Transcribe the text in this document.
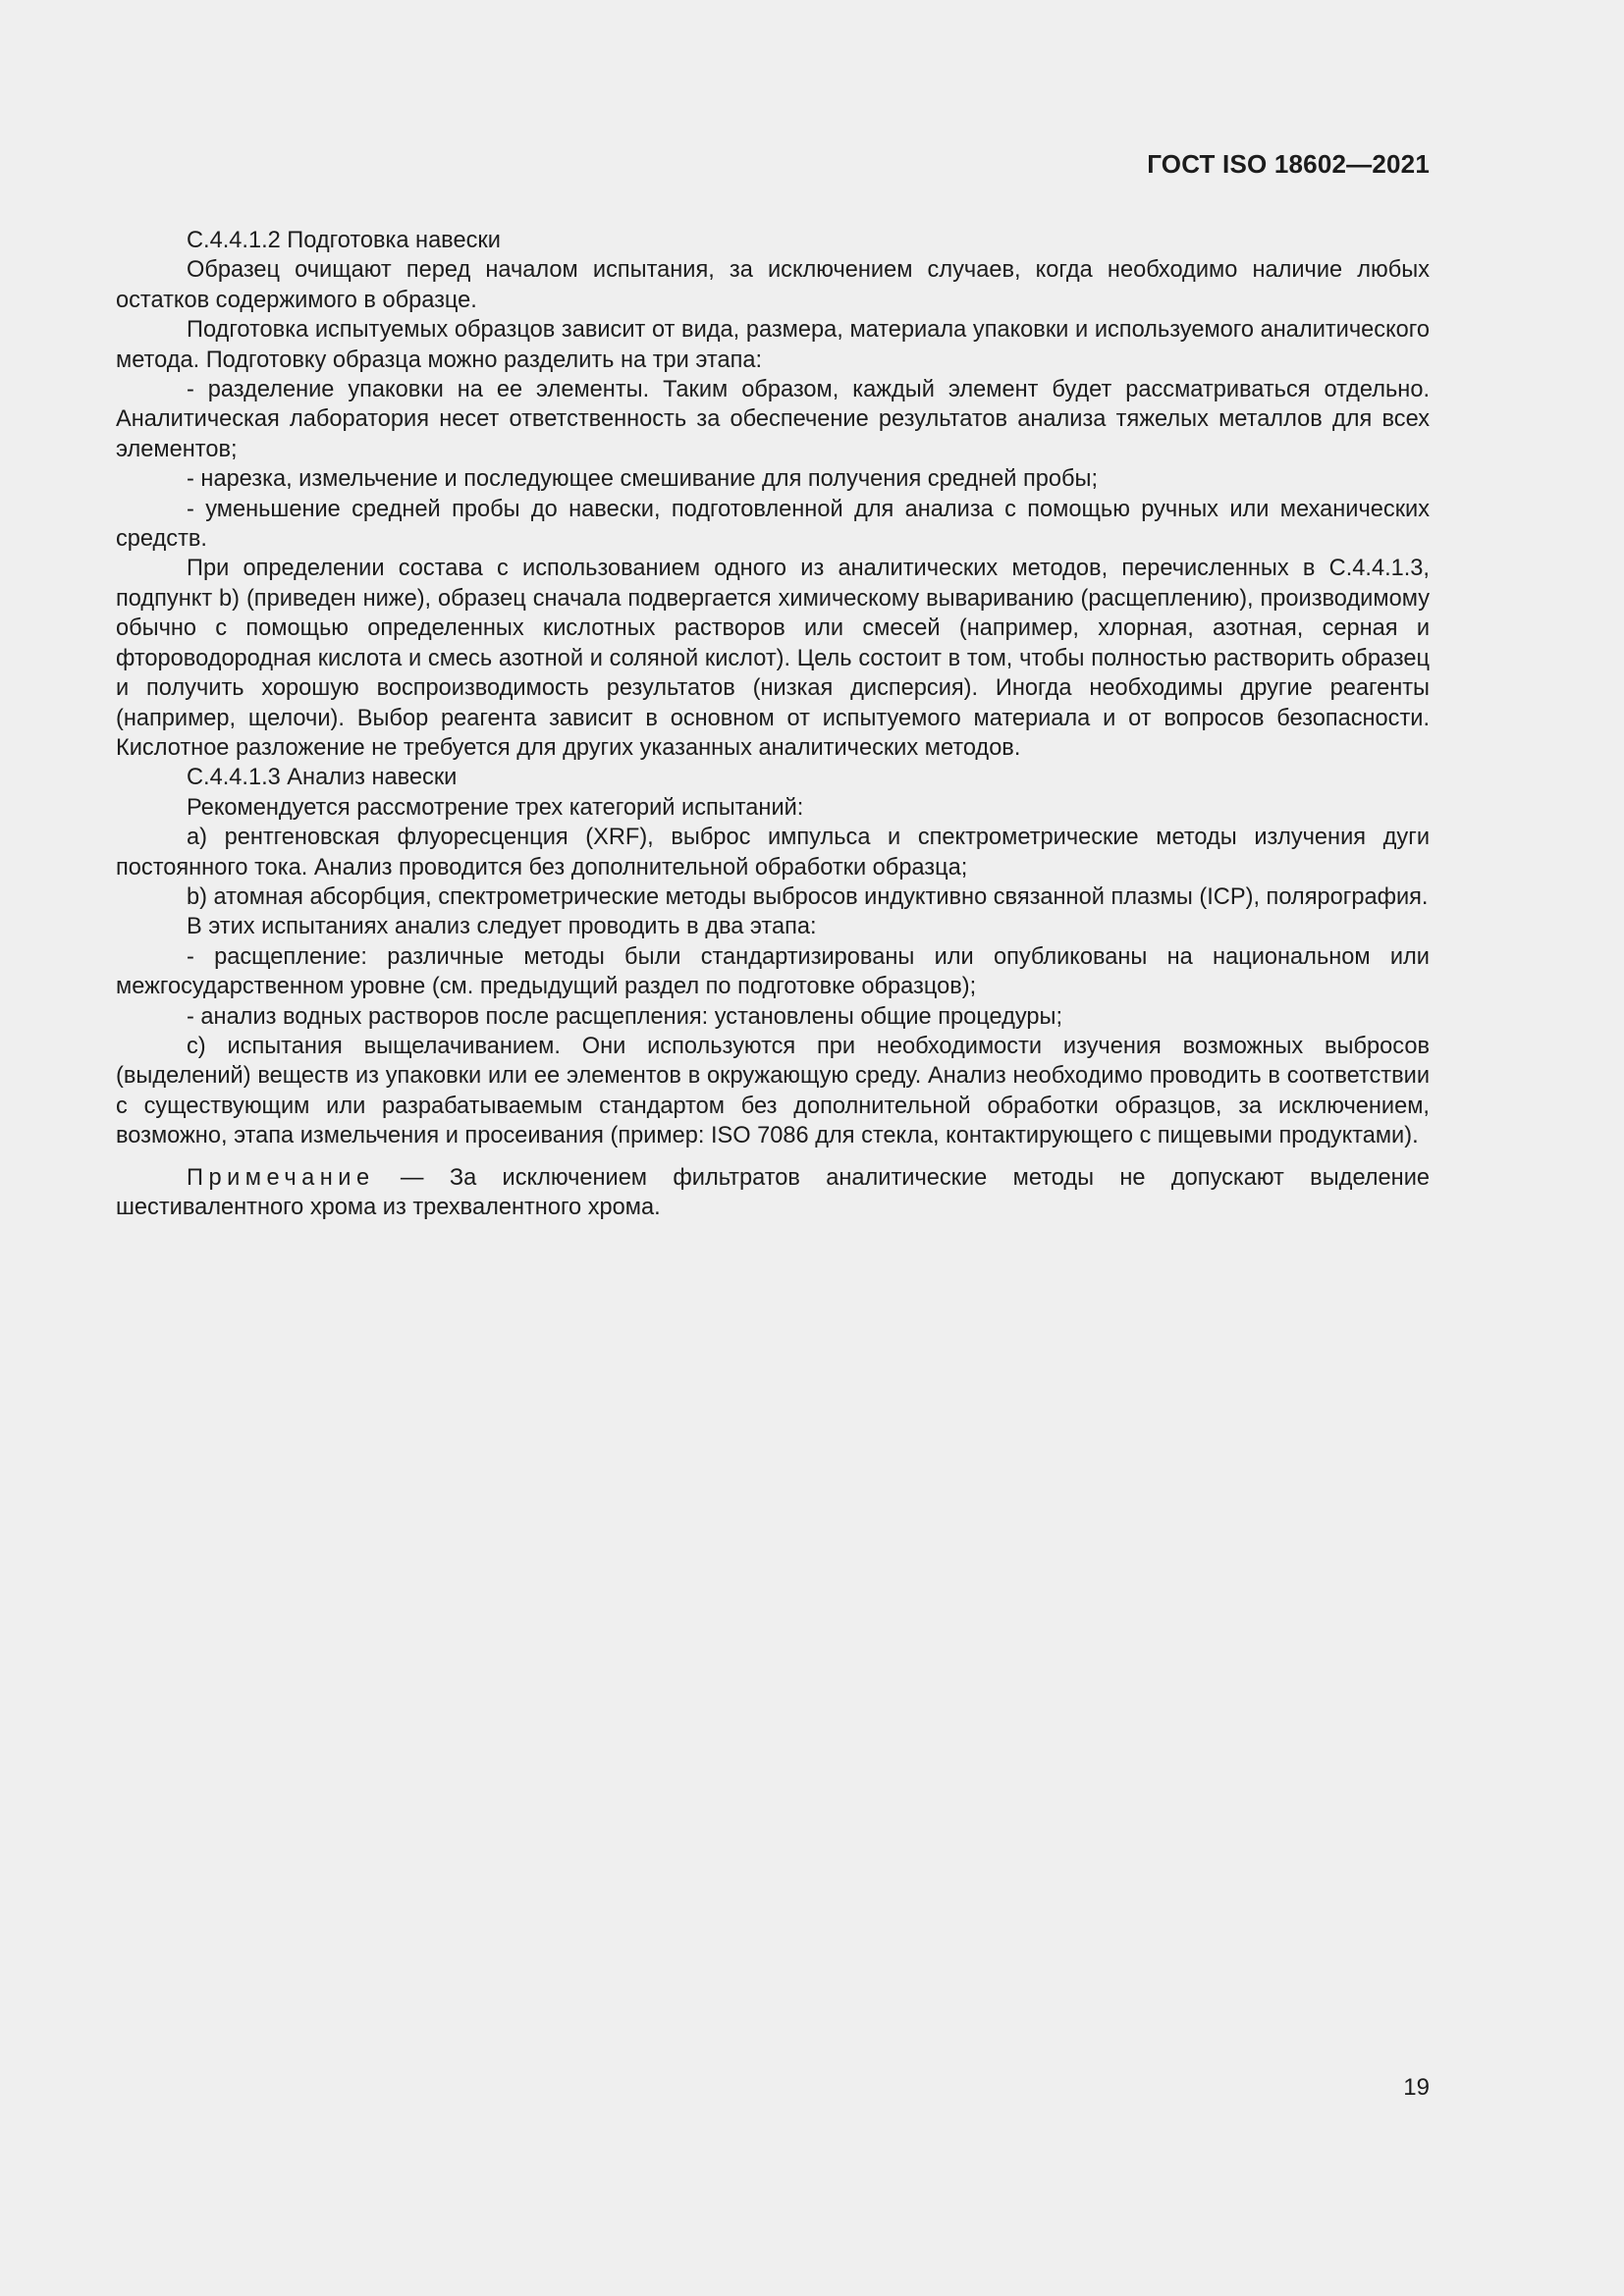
ГОСТ ISO 18602—2021

С.4.4.1.2 Подготовка навески

Образец очищают перед началом испытания, за исключением случаев, когда необходимо наличие любых остатков содержимого в образце.

Подготовка испытуемых образцов зависит от вида, размера, материала упаковки и используемого аналитического метода. Подготовку образца можно разделить на три этапа:

- разделение упаковки на ее элементы. Таким образом, каждый элемент будет рассматриваться отдельно. Аналитическая лаборатория несет ответственность за обеспечение результатов анализа тяжелых металлов для всех элементов;

- нарезка, измельчение и последующее смешивание для получения средней пробы;

- уменьшение средней пробы до навески, подготовленной для анализа с помощью ручных или механических средств.

При определении состава с использованием одного из аналитических методов, перечисленных в С.4.4.1.3, подпункт b) (приведен ниже), образец сначала подвергается химическому вывариванию (расщеплению), производимому обычно с помощью определенных кислотных растворов или смесей (например, хлорная, азотная, серная и фтороводородная кислота и смесь азотной и соляной кислот). Цель состоит в том, чтобы полностью растворить образец и получить хорошую воспроизводимость результатов (низкая дисперсия). Иногда необходимы другие реагенты (например, щелочи). Выбор реагента зависит в основном от испытуемого материала и от вопросов безопасности. Кислотное разложение не требуется для других указанных аналитических методов.

С.4.4.1.3 Анализ навески

Рекомендуется рассмотрение трех категорий испытаний:

a) рентгеновская флуоресценция (XRF), выброс импульса и спектрометрические методы излучения дуги постоянного тока. Анализ проводится без дополнительной обработки образца;

b) атомная абсорбция, спектрометрические методы выбросов индуктивно связанной плазмы (ICP), полярография.

В этих испытаниях анализ следует проводить в два этапа:

- расщепление: различные методы были стандартизированы или опубликованы на национальном или межгосударственном уровне (см. предыдущий раздел по подготовке образцов);

- анализ водных растворов после расщепления: установлены общие процедуры;

c) испытания выщелачиванием. Они используются при необходимости изучения возможных выбросов (выделений) веществ из упаковки или ее элементов в окружающую среду. Анализ необходимо проводить в соответствии с существующим или разрабатываемым стандартом без дополнительной обработки образцов, за исключением, возможно, этапа измельчения и просеивания (пример: ISO 7086 для стекла, контактирующего с пищевыми продуктами).

Примечание — За исключением фильтратов аналитические методы не допускают выделение шестивалентного хрома из трехвалентного хрома.

19
